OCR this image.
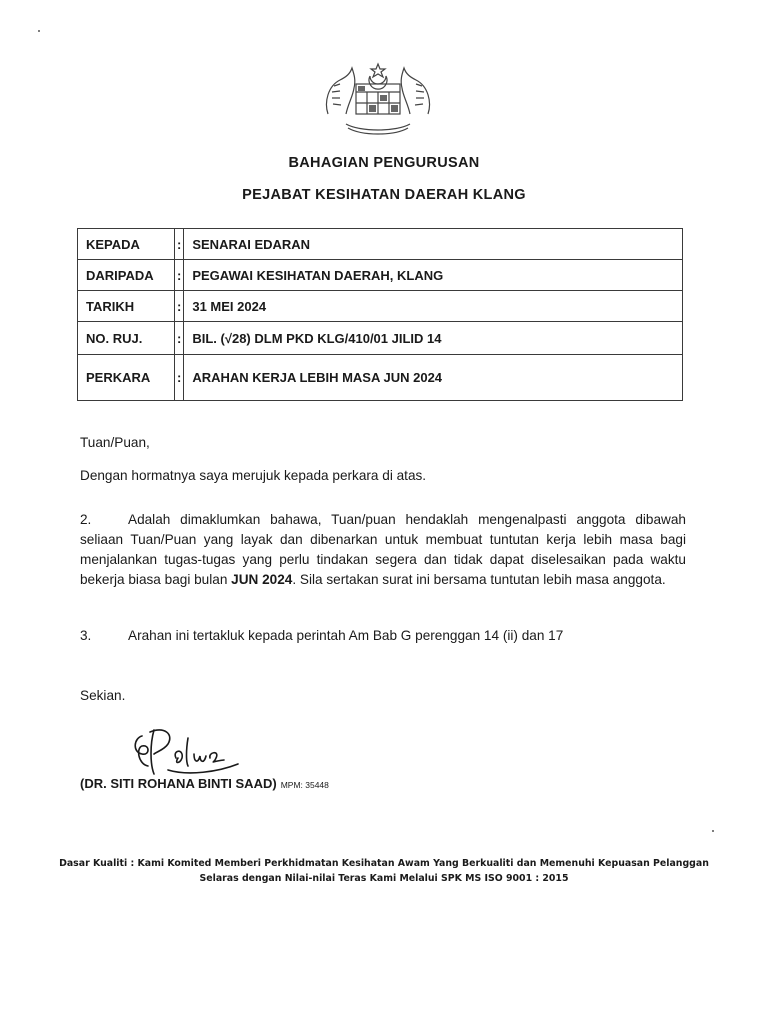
BAHAGIAN PENGURUSAN
PEJABAT KESIHATAN DAERAH KLANG
KEPADA	:	SENARAI EDARAN
DARIPADA	:	PEGAWAI KESIHATAN DAERAH, KLANG
TARIKH	:	31 MEI 2024
NO. RUJ.	:	BIL. (√28) DLM PKD KLG/410/01 JILID 14
PERKARA	:	ARAHAN KERJA LEBIH MASA JUN 2024
Tuan/Puan,
Dengan hormatnya saya merujuk kepada perkara di atas.
2.	Adalah dimaklumkan bahawa, Tuan/puan hendaklah mengenalpasti anggota dibawah seliaan Tuan/Puan yang layak dan dibenarkan untuk membuat tuntutan kerja lebih masa bagi menjalankan tugas-tugas yang perlu tindakan segera dan tidak dapat diselesaikan pada waktu bekerja biasa bagi bulan JUN 2024. Sila sertakan surat ini bersama tuntutan lebih masa anggota.
3.	Arahan ini tertakluk kepada perintah Am Bab G perenggan 14 (ii) dan 17
Sekian.
(DR. SITI ROHANA BINTI SAAD) MPM: 35448
Dasar Kualiti : Kami Komited Memberi Perkhidmatan Kesihatan Awam Yang Berkualiti dan Memenuhi Kepuasan Pelanggan
Selaras dengan Nilai-nilai Teras Kami Melalui SPK MS ISO 9001 : 2015
